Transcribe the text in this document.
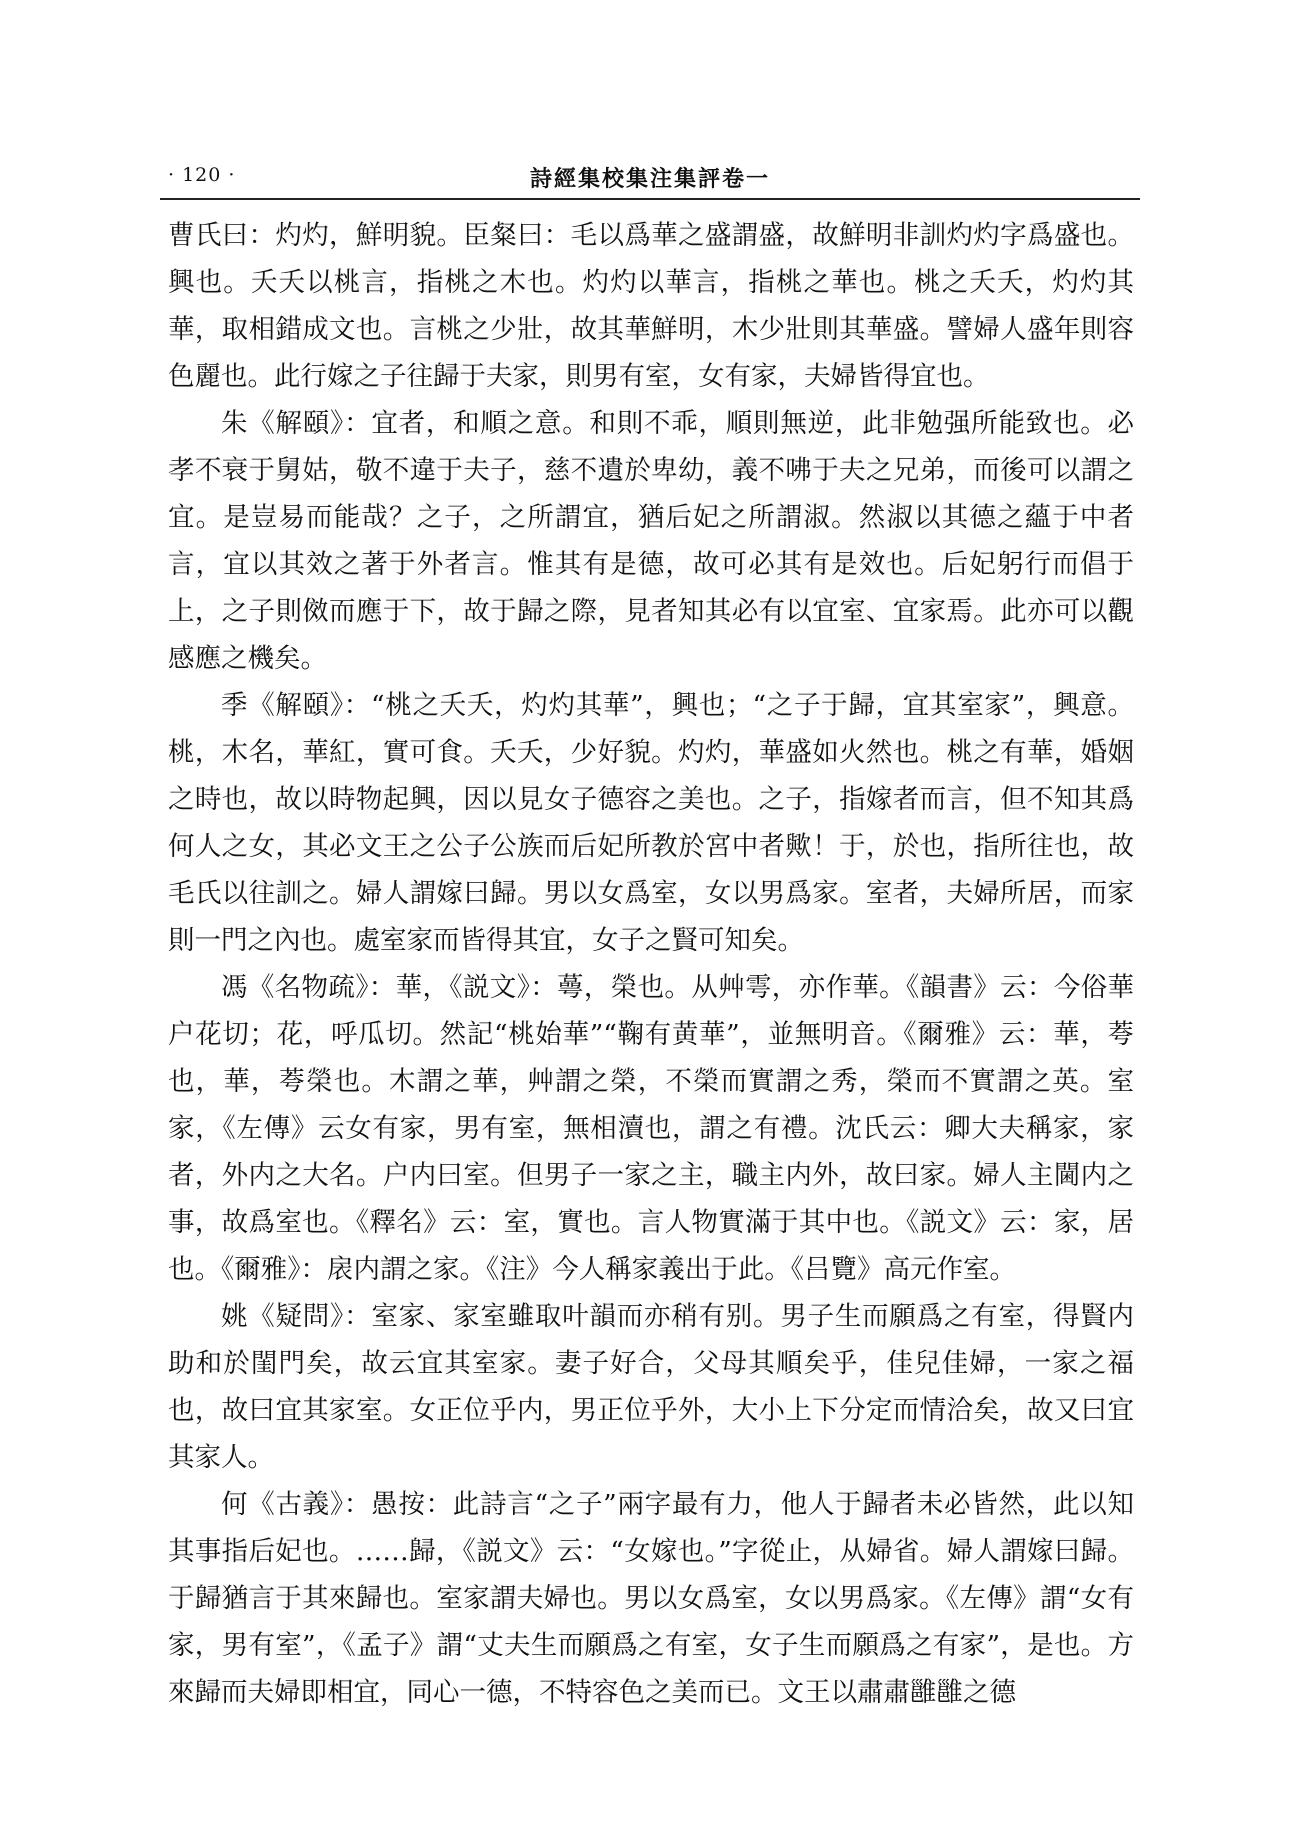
· 120 ·	詩經集校集注集評卷一

曹氏曰：灼灼，鮮明貌。臣粲曰：毛以爲華之盛謂盛，故鮮明非訓灼灼字爲盛也。興也。夭夭以桃言，指桃之木也。灼灼以華言，指桃之華也。桃之夭夭，灼灼其華，取相錯成文也。言桃之少壯，故其華鮮明，木少壯則其華盛。譬婦人盛年則容色麗也。此行嫁之子往歸于夫家，則男有室，女有家，夫婦皆得宜也。

朱《解頤》：宜者，和順之意。和則不乖，順則無逆，此非勉强所能致也。必孝不衰于舅姑，敬不違于夫子，慈不遺於卑幼，義不咈于夫之兄弟，而後可以謂之宜。是豈易而能哉？之子，之所謂宜，猶后妃之所謂淑。然淑以其德之蘊于中者言，宜以其效之著于外者言。惟其有是德，故可必其有是效也。后妃躬行而倡于上，之子則傚而應于下，故于歸之際，見者知其必有以宜室、宜家焉。此亦可以觀感應之機矣。

季《解頤》：“桃之夭夭，灼灼其華”，興也；“之子于歸，宜其室家”，興意。桃，木名，華紅，實可食。夭夭，少好貌。灼灼，華盛如火然也。桃之有華，婚姻之時也，故以時物起興，因以見女子德容之美也。之子，指嫁者而言，但不知其爲何人之女，其必文王之公子公族而后妃所教於宮中者歟！于，於也，指所往也，故毛氏以往訓之。婦人謂嫁曰歸。男以女爲室，女以男爲家。室者，夫婦所居，而家則一門之內也。處室家而皆得其宜，女子之賢可知矣。

馮《名物疏》：華，《説文》：蕚，榮也。从艸雩，亦作華。《韻書》云：今俗華户花切；花，呼瓜切。然記“桃始華”“鞠有黄華”，並無明音。《爾雅》云：華，荂也，華，荂榮也。木謂之華，艸謂之榮，不榮而實謂之秀，榮而不實謂之英。室家，《左傳》云女有家，男有室，無相瀆也，謂之有禮。沈氏云：卿大夫稱家，家者，外内之大名。户内曰室。但男子一家之主，職主内外，故曰家。婦人主閫内之事，故爲室也。《釋名》云：室，實也。言人物實滿于其中也。《説文》云：家，居也。《爾雅》：扆内謂之家。《注》今人稱家義出于此。《吕覽》高元作室。

姚《疑問》：室家、家室雖取叶韻而亦稍有别。男子生而願爲之有室，得賢内助和於閨門矣，故云宜其室家。妻子好合，父母其順矣乎，佳兒佳婦，一家之福也，故曰宜其家室。女正位乎内，男正位乎外，大小上下分定而情洽矣，故又曰宜其家人。

何《古義》：愚按：此詩言“之子”兩字最有力，他人于歸者未必皆然，此以知其事指后妃也。……歸，《説文》云：“女嫁也。”字從止，从婦省。婦人謂嫁曰歸。于歸猶言于其來歸也。室家謂夫婦也。男以女爲室，女以男爲家。《左傳》謂“女有家，男有室”，《孟子》謂“丈夫生而願爲之有室，女子生而願爲之有家”，是也。方來歸而夫婦即相宜，同心一德，不特容色之美而已。文王以肅肅雝雝之德
